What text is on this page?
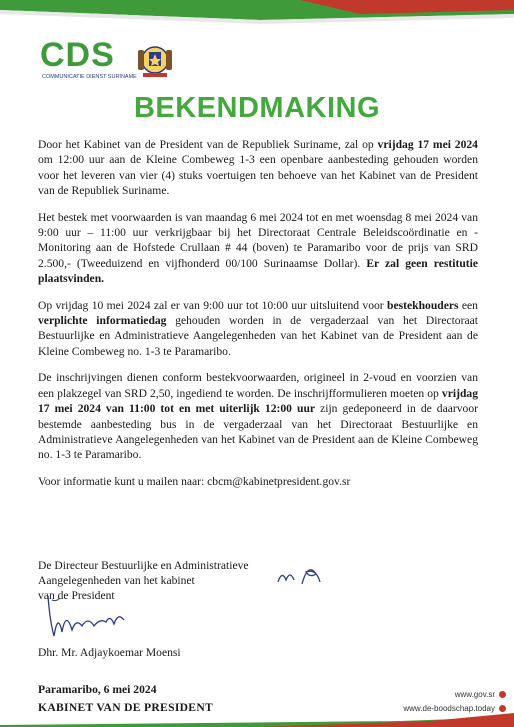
CDS
COMMUNICATIE DIENST SURINAME
BEKENDMAKING

Door het Kabinet van de President van de Republiek Suriname, zal op vrijdag 17 mei 2024 om 12:00 uur aan de Kleine Combeweg 1-3 een openbare aanbesteding gehouden worden voor het leveren van vier (4) stuks voertuigen ten behoeve van het Kabinet van de President van de Republiek Suriname.

Het bestek met voorwaarden is van maandag 6 mei 2024 tot en met woensdag 8 mei 2024 van 9:00 uur – 11:00 uur verkrijgbaar bij het Directoraat Centrale Beleidscoördinatie en -Monitoring aan de Hofstede Crullaan # 44 (boven) te Paramaribo voor de prijs van SRD 2.500,- (Tweeduizend en vijfhonderd 00/100 Surinaamse Dollar). Er zal geen restitutie plaatsvinden.

Op vrijdag 10 mei 2024 zal er van 9:00 uur tot 10:00 uur uitsluitend voor bestekhouders een verplichte informatiedag gehouden worden in de vergaderzaal van het Directoraat Bestuurlijke en Administratieve Aangelegenheden van het Kabinet van de President aan de Kleine Combeweg no. 1-3 te Paramaribo.

De inschrijvingen dienen conform bestekvoorwaarden, origineel in 2-voud en voorzien van een plakzegel van SRD 2,50, ingediend te worden. De inschrijfformulieren moeten op vrijdag 17 mei 2024 van 11:00 tot en met uiterlijk 12:00 uur zijn gedeponeerd in de daarvoor bestemde aanbesteding bus in de vergaderzaal van het Directoraat Bestuurlijke en Administratieve Aangelegenheden van het Kabinet van de President aan de Kleine Combeweg no. 1-3 te Paramaribo.

Voor informatie kunt u mailen naar: cbcm@kabinetpresident.gov.sr

De Directeur Bestuurlijke en Administratieve
Aangelegenheden van het kabinet
van de President
Dhr. Mr. Adjaykoemar Moensi
Paramaribo, 6 mei 2024
KABINET VAN DE PRESIDENT
www.gov.sr
www.de-boodschap.today
